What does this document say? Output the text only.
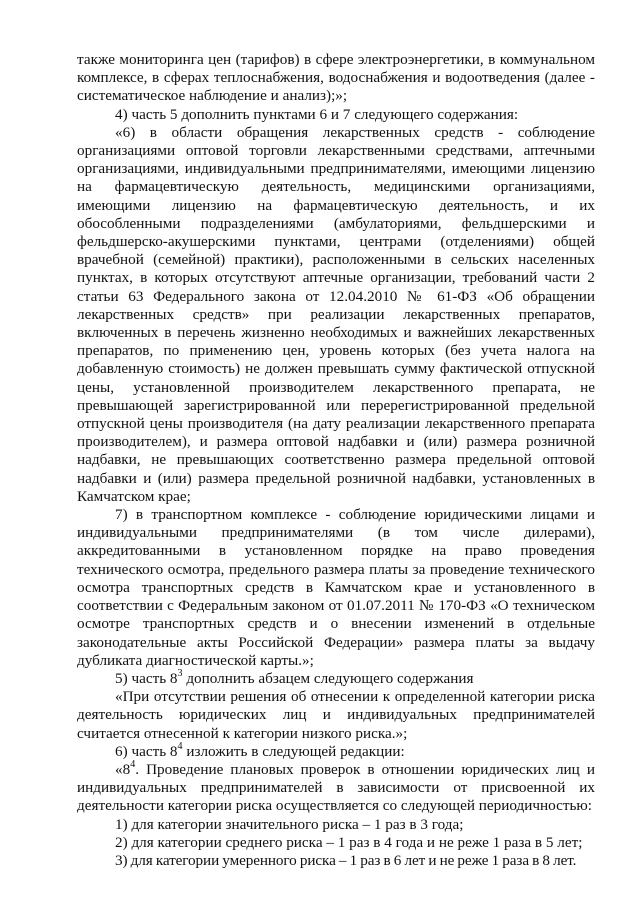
также мониторинга цен (тарифов) в сфере электроэнергетики, в коммунальном комплексе, в сферах теплоснабжения, водоснабжения и водоотведения (далее - систематическое наблюдение и анализ);»;

4) часть 5 дополнить пунктами 6 и 7 следующего содержания:

«6) в области обращения лекарственных средств - соблюдение организациями оптовой торговли лекарственными средствами, аптечными организациями, индивидуальными предпринимателями, имеющими лицензию на фармацевтическую деятельность, медицинскими организациями, имеющими лицензию на фармацевтическую деятельность, и их обособленными подразделениями (амбулаториями, фельдшерскими и фельдшерско-акушерскими пунктами, центрами (отделениями) общей врачебной (семейной) практики), расположенными в сельских населенных пунктах, в которых отсутствуют аптечные организации, требований части 2 статьи 63 Федерального закона от 12.04.2010 № 61-ФЗ «Об обращении лекарственных средств» при реализации лекарственных препаратов, включенных в перечень жизненно необходимых и важнейших лекарственных препаратов, по применению цен, уровень которых (без учета налога на добавленную стоимость) не должен превышать сумму фактической отпускной цены, установленной производителем лекарственного препарата, не превышающей зарегистрированной или перерегистрированной предельной отпускной цены производителя (на дату реализации лекарственного препарата производителем), и размера оптовой надбавки и (или) размера розничной надбавки, не превышающих соответственно размера предельной оптовой надбавки и (или) размера предельной розничной надбавки, установленных в Камчатском крае;

7) в транспортном комплексе - соблюдение юридическими лицами и индивидуальными предпринимателями (в том числе дилерами), аккредитованными в установленном порядке на право проведения технического осмотра, предельного размера платы за проведение технического осмотра транспортных средств в Камчатском крае и установленного в соответствии с Федеральным законом от 01.07.2011 № 170-ФЗ «О техническом осмотре транспортных средств и о внесении изменений в отдельные законодательные акты Российской Федерации» размера платы за выдачу дубликата диагностической карты.»;

5) часть $8^3$ дополнить абзацем следующего содержания

«При отсутствии решения об отнесении к определенной категории риска деятельность юридических лиц и индивидуальных предпринимателей считается отнесенной к категории низкого риска.»;

6) часть $8^4$ изложить в следующей редакции:

«$8^4$. Проведение плановых проверок в отношении юридических лиц и индивидуальных предпринимателей в зависимости от присвоенной их деятельности категории риска осуществляется со следующей периодичностью:

1) для категории значительного риска – 1 раз в 3 года;

2) для категории среднего риска – 1 раз в 4 года и не реже 1 раза в 5 лет;

3) для категории умеренного риска – 1 раз в 6 лет и не реже 1 раза в 8 лет.
